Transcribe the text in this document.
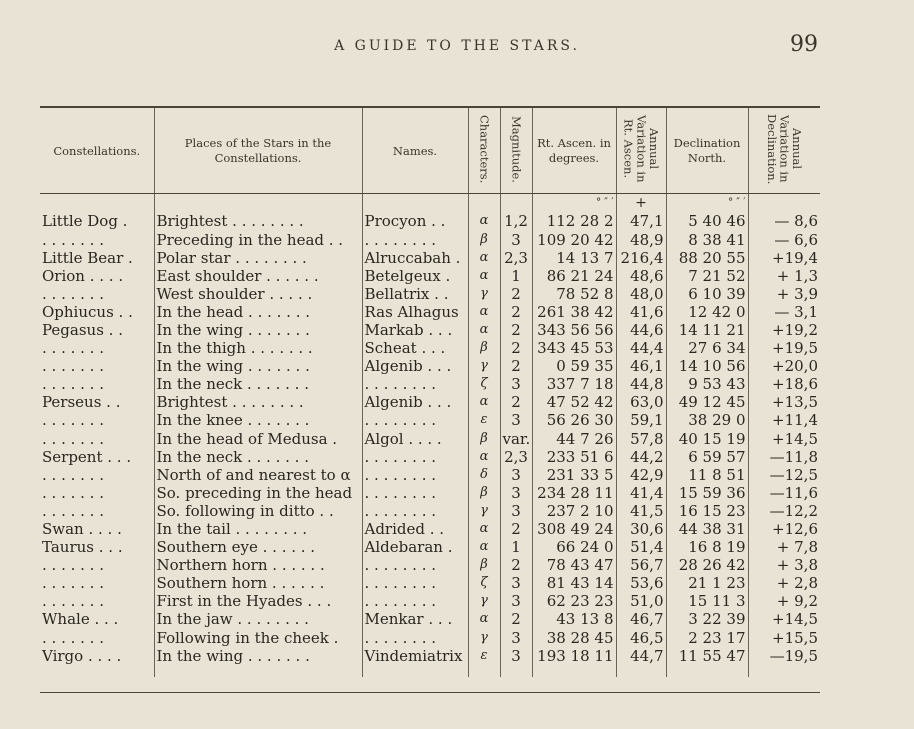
A GUIDE TO THE STARS.	99
Constellations.	Places of the Stars in the Constellations.	Names.	Characters.	Magnitude.	Rt. Ascen. in degrees.	Annual Variation in Rt. Ascen.	Declination North.	Annual Variation in Declination.
					° ″ ′	+	° ″ ′	
Little Dog .	Brightest . . . . . . . .	Procyon . .	α	1,2	112 28 2	47,1	5 40 46	— 8,6
. . . . . . .	Preceding in the head . .	. . . . . . . .	β	3	109 20 42	48,9	8 38 41	— 6,6
Little Bear .	Polar star . . . . . . . .	Alruccabah .	α	2,3	14 13 7	216,4	88 20 55	+19,4
Orion . . . .	East shoulder . . . . . .	Betelgeux .	α	1	86 21 24	48,6	7 21 52	+ 1,3
. . . . . . .	West shoulder . . . . .	Bellatrix . .	γ	2	78 52 8	48,0	6 10 39	+ 3,9
Ophiucus . .	In the head . . . . . . .	Ras Alhagus	α	2	261 38 42	41,6	12 42 0	— 3,1
Pegasus . .	In the wing . . . . . . .	Markab . . .	α	2	343 56 56	44,6	14 11 21	+19,2
. . . . . . .	In the thigh . . . . . . .	Scheat . . .	β	2	343 45 53	44,4	27 6 34	+19,5
. . . . . . .	In the wing . . . . . . .	Algenib . . .	γ	2	0 59 35	46,1	14 10 56	+20,0
. . . . . . .	In the neck . . . . . . .	. . . . . . . .	ζ	3	337 7 18	44,8	9 53 43	+18,6
Perseus . .	Brightest . . . . . . . .	Algenib . . .	α	2	47 52 42	63,0	49 12 45	+13,5
. . . . . . .	In the knee . . . . . . .	. . . . . . . .	ε	3	56 26 30	59,1	38 29 0	+11,4
. . . . . . .	In the head of Medusa .	Algol . . . .	β	var.	44 7 26	57,8	40 15 19	+14,5
Serpent . . .	In the neck . . . . . . .	. . . . . . . .	α	2,3	233 51 6	44,2	6 59 57	—11,8
. . . . . . .	North of and nearest to α	. . . . . . . .	δ	3	231 33 5	42,9	11 8 51	—12,5
. . . . . . .	So. preceding in the head	. . . . . . . .	β	3	234 28 11	41,4	15 59 36	—11,6
. . . . . . .	So. following in ditto . .	. . . . . . . .	γ	3	237 2 10	41,5	16 15 23	—12,2
Swan . . . .	In the tail . . . . . . . .	Adrided . .	α	2	308 49 24	30,6	44 38 31	+12,6
Taurus . . .	Southern eye . . . . . .	Aldebaran .	α	1	66 24 0	51,4	16 8 19	+ 7,8
. . . . . . .	Northern horn . . . . . .	. . . . . . . .	β	2	78 43 47	56,7	28 26 42	+ 3,8
. . . . . . .	Southern horn . . . . . .	. . . . . . . .	ζ	3	81 43 14	53,6	21 1 23	+ 2,8
. . . . . . .	First in the Hyades . . .	. . . . . . . .	γ	3	62 23 23	51,0	15 11 3	+ 9,2
Whale . . .	In the jaw . . . . . . . .	Menkar . . .	α	2	43 13 8	46,7	3 22 39	+14,5
. . . . . . .	Following in the cheek .	. . . . . . . .	γ	3	38 28 45	46,5	2 23 17	+15,5
Virgo . . . .	In the wing . . . . . . .	Vindemiatrix	ε	3	193 18 11	44,7	11 55 47	—19,5
